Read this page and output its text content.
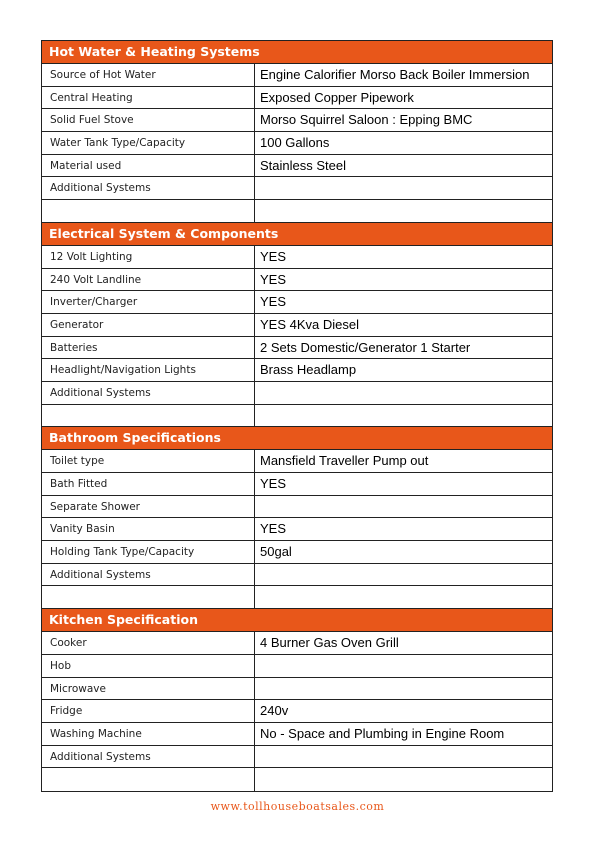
Hot Water & Heating Systems
Source of Hot Water	Engine Calorifier Morso Back Boiler Immersion
Central Heating	Exposed Copper Pipework
Solid Fuel Stove	Morso Squirrel Saloon : Epping BMC
Water Tank Type/Capacity	100 Gallons
Material used	Stainless Steel
Additional Systems
Electrical System & Components
12 Volt Lighting	YES
240 Volt Landline	YES
Inverter/Charger	YES
Generator	YES 4Kva Diesel
Batteries	2 Sets Domestic/Generator 1 Starter
Headlight/Navigation Lights	Brass Headlamp
Additional Systems
Bathroom Specifications
Toilet type	Mansfield Traveller Pump out
Bath Fitted	YES
Separate Shower
Vanity Basin	YES
Holding Tank Type/Capacity	50gal
Additional Systems
Kitchen Specification
Cooker	4 Burner Gas Oven Grill
Hob
Microwave
Fridge	240v
Washing Machine	No - Space and Plumbing in Engine Room
Additional Systems
www.tollhouseboatsales.com
